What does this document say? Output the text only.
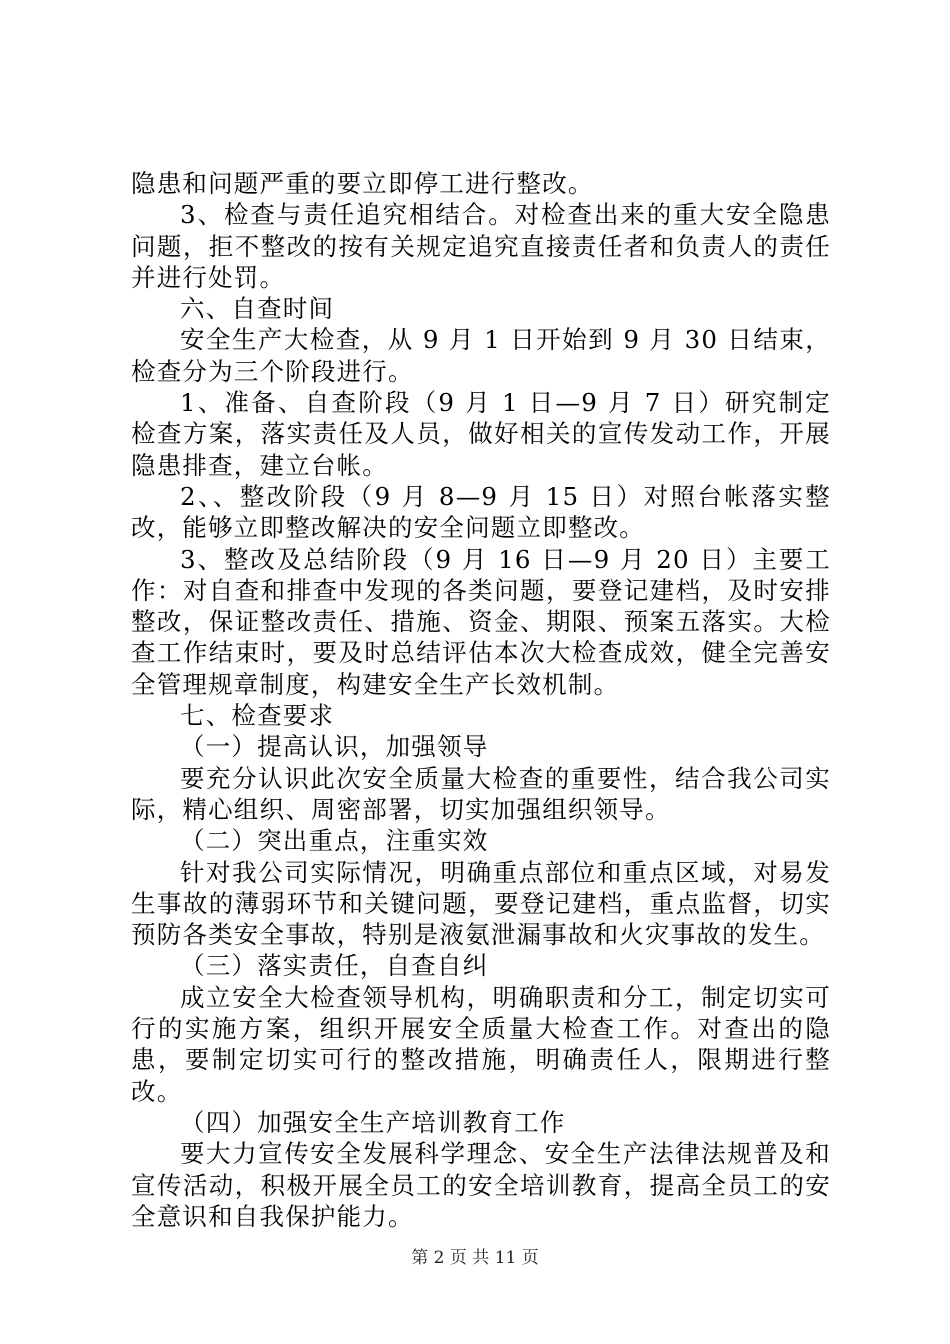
隐患和问题严重的要立即停工进行整改。

3、检查与责任追究相结合。对检查出来的重大安全隐患问题，拒不整改的按有关规定追究直接责任者和负责人的责任并进行处罚。

六、自查时间

安全生产大检查，从 9 月 1 日开始到 9 月 30 日结束，检查分为三个阶段进行。

1、准备、自查阶段（9 月 1 日—9 月 7 日）研究制定检查方案，落实责任及人员，做好相关的宣传发动工作，开展隐患排查，建立台帐。

2、、整改阶段（9 月 8—9 月 15 日）对照台帐落实整改，能够立即整改解决的安全问题立即整改。

3、整改及总结阶段（9 月 16 日—9 月 20 日）主要工作：对自查和排查中发现的各类问题，要登记建档，及时安排整改，保证整改责任、措施、资金、期限、预案五落实。大检查工作结束时，要及时总结评估本次大检查成效，健全完善安全管理规章制度，构建安全生产长效机制。

七、检查要求

（一）提高认识，加强领导

要充分认识此次安全质量大检查的重要性，结合我公司实际，精心组织、周密部署，切实加强组织领导。

（二）突出重点，注重实效

针对我公司实际情况，明确重点部位和重点区域，对易发生事故的薄弱环节和关键问题，要登记建档，重点监督，切实预防各类安全事故，特别是液氨泄漏事故和火灾事故的发生。

（三）落实责任，自查自纠

成立安全大检查领导机构，明确职责和分工，制定切实可行的实施方案，组织开展安全质量大检查工作。对查出的隐患，要制定切实可行的整改措施，明确责任人，限期进行整改。

（四）加强安全生产培训教育工作

要大力宣传安全发展科学理念、安全生产法律法规普及和宣传活动，积极开展全员工的安全培训教育，提高全员工的安全意识和自我保护能力。

第 2 页 共 11 页
